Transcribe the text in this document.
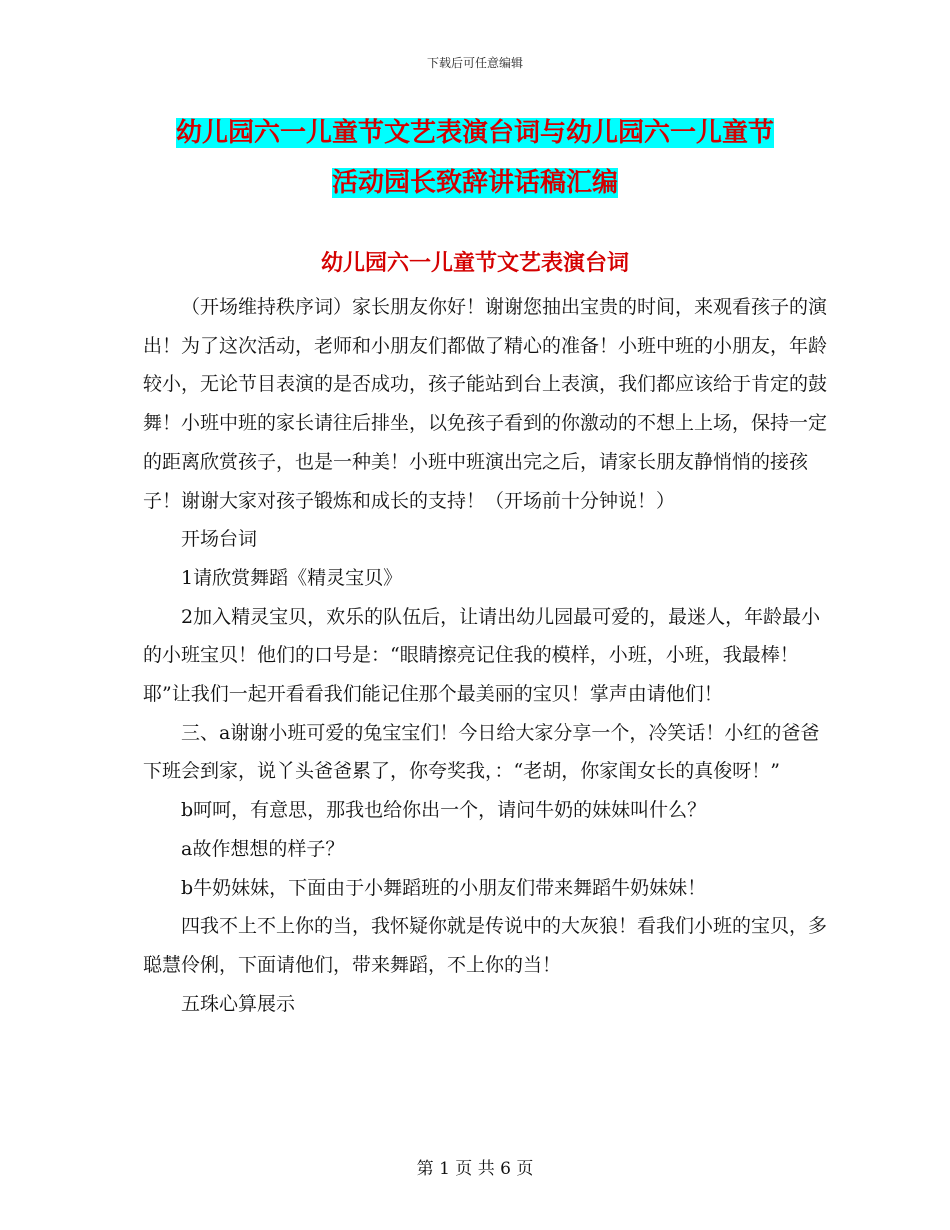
下载后可任意编辑
幼儿园六一儿童节文艺表演台词与幼儿园六一儿童节
活动园长致辞讲话稿汇编
幼儿园六一儿童节文艺表演台词

（开场维持秩序词）家长朋友你好！谢谢您抽出宝贵的时间，来观看孩子的演出！为了这次活动，老师和小朋友们都做了精心的准备！小班中班的小朋友，年龄较小，无论节目表演的是否成功，孩子能站到台上表演，我们都应该给于肯定的鼓舞！小班中班的家长请往后排坐，以免孩子看到的你激动的不想上上场，保持一定的距离欣赏孩子，也是一种美！小班中班演出完之后，请家长朋友静悄悄的接孩子！谢谢大家对孩子锻炼和成长的支持！（开场前十分钟说！）

开场台词

1请欣赏舞蹈《精灵宝贝》

2加入精灵宝贝，欢乐的队伍后，让请出幼儿园最可爱的，最迷人，年龄最小的小班宝贝！他们的口号是：“眼睛擦亮记住我的模样，小班，小班，我最棒！耶”让我们一起开看看我们能记住那个最美丽的宝贝！掌声由请他们！

三、a谢谢小班可爱的兔宝宝们！今日给大家分享一个，冷笑话！小红的爸爸下班会到家，说丫头爸爸累了，你夸奖我，：“老胡，你家闺女长的真俊呀！”

b呵呵，有意思，那我也给你出一个，请问牛奶的妹妹叫什么？

a故作想想的样子？

b牛奶妹妹，下面由于小舞蹈班的小朋友们带来舞蹈牛奶妹妹！

四我不上不上你的当，我怀疑你就是传说中的大灰狼！看我们小班的宝贝，多聪慧伶俐，下面请他们，带来舞蹈，不上你的当！

五珠心算展示

第 1 页 共 6 页
